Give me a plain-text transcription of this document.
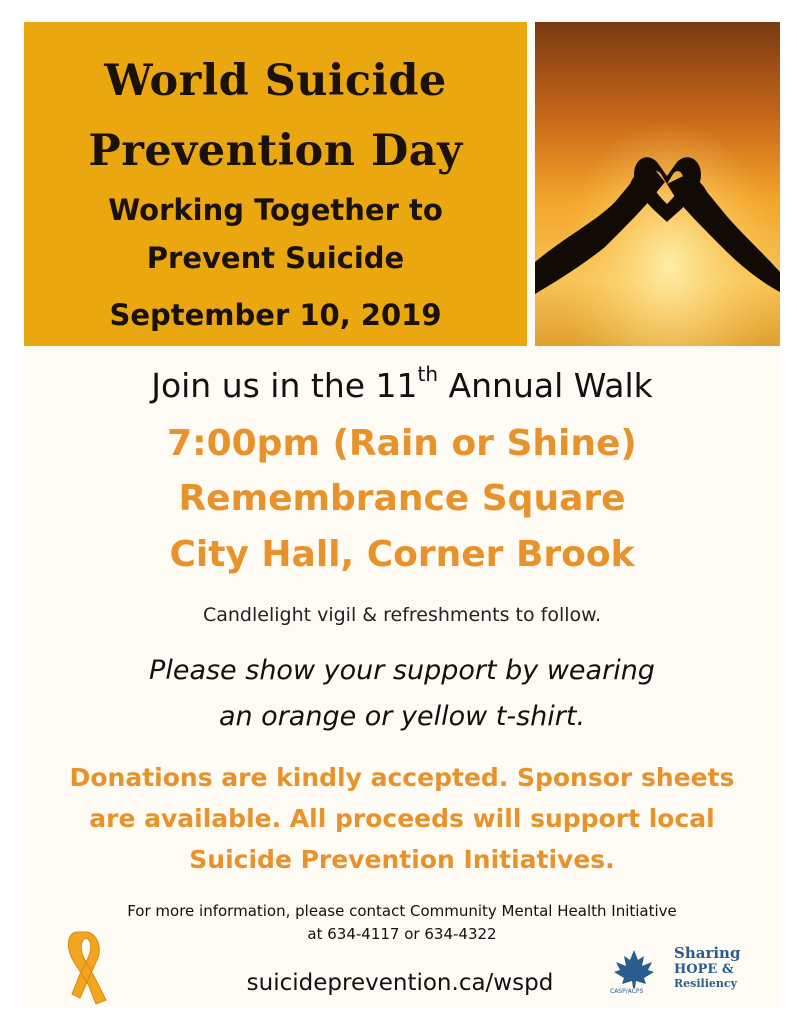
World Suicide
Prevention Day
Working Together to
Prevent Suicide
September 10, 2019
Join us in the 11th Annual Walk
7:00pm (Rain or Shine)
Remembrance Square
City Hall, Corner Brook
Candlelight vigil & refreshments to follow.
Please show your support by wearing
an orange or yellow t-shirt.
Donations are kindly accepted. Sponsor sheets
are available. All proceeds will support local
Suicide Prevention Initiatives.
For more information, please contact Community Mental Health Initiative
at 634-4117 or 634-4322
suicideprevention.ca/wspd	CASP/ACPS
Sharing
HOPE &
Resiliency
